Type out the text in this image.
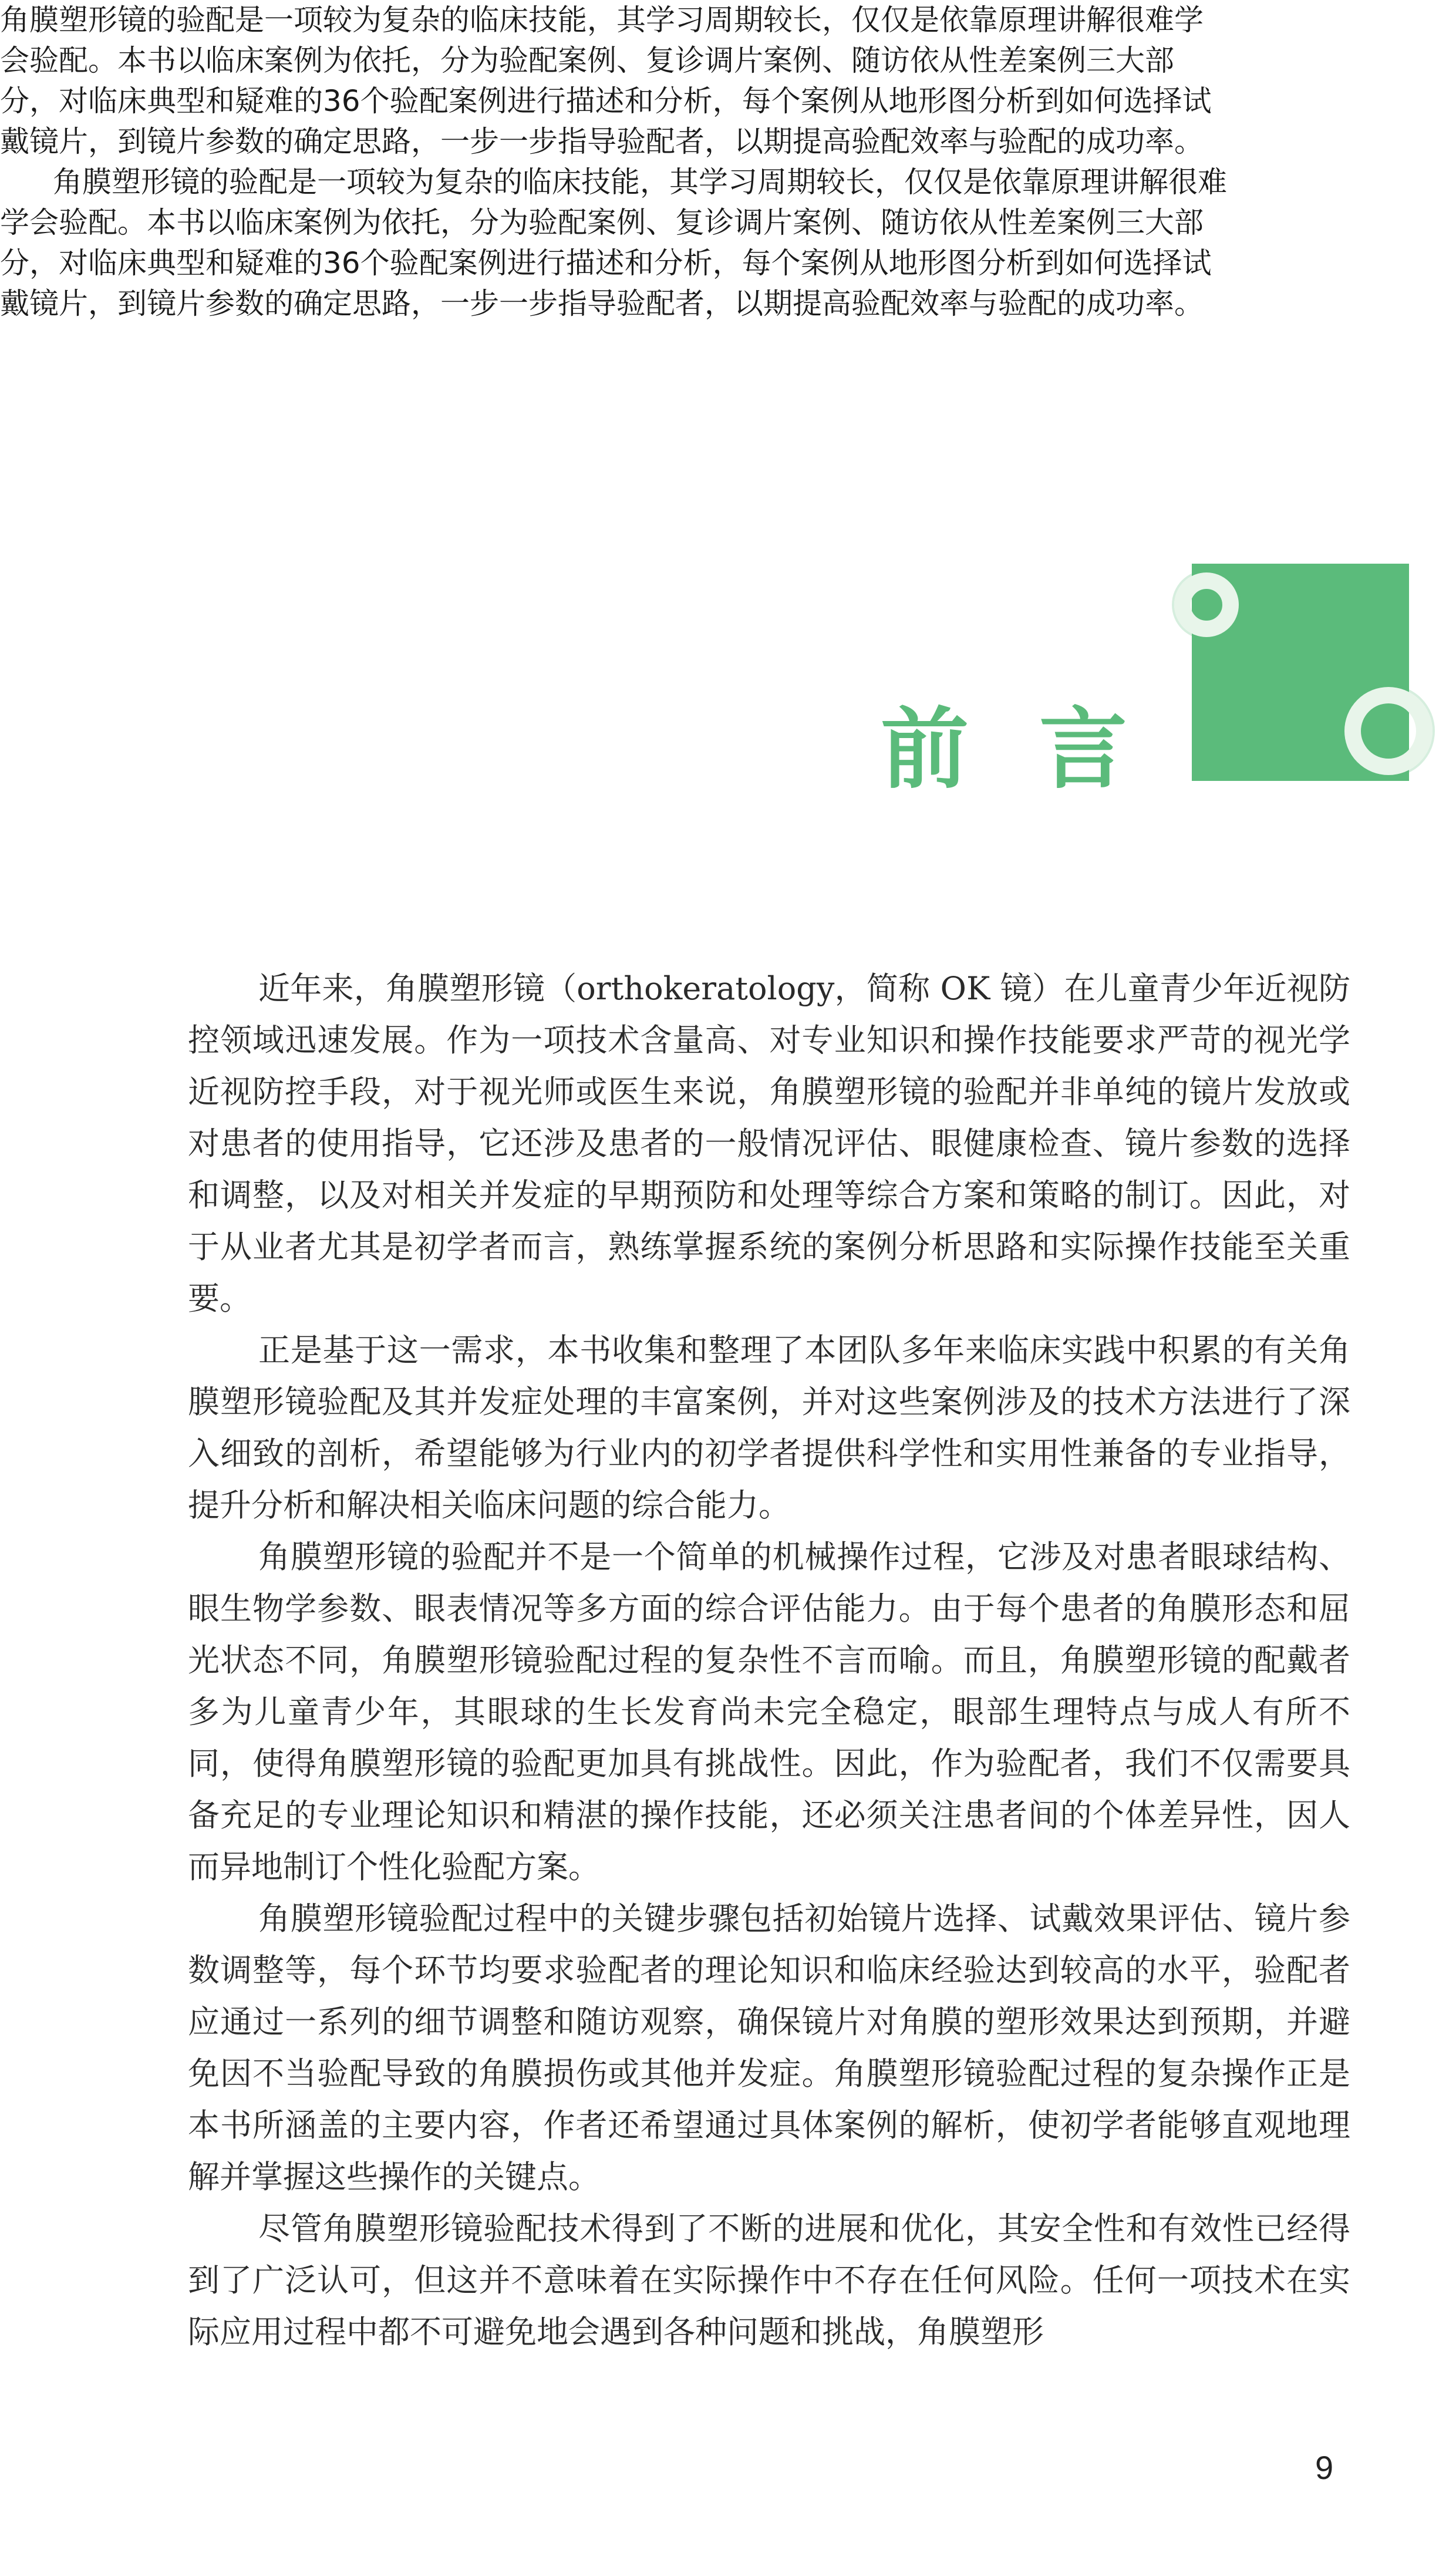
角膜塑形镜的验配是一项较为复杂的临床技能，其学习周期较长，仅仅是依靠原理讲解很难学
会验配。本书以临床案例为依托，分为验配案例、复诊调片案例、随访依从性差案例三大部
分，对临床典型和疑难的36个验配案例进行描述和分析，每个案例从地形图分析到如何选择试
戴镜片，到镜片参数的确定思路，一步一步指导验配者，以期提高验配效率与验配的成功率。

角膜塑形镜的验配是一项较为复杂的临床技能，其学习周期较长，仅仅是依靠原理讲解很难
学会验配。本书以临床案例为依托，分为验配案例、复诊调片案例、随访依从性差案例三大部
分，对临床典型和疑难的36个验配案例进行描述和分析，每个案例从地形图分析到如何选择试
戴镜片，到镜片参数的确定思路，一步一步指导验配者，以期提高验配效率与验配的成功率。

前言

近年来，角膜塑形镜（orthokeratology，简称 OK 镜）在儿童青少年近视防控领域迅速发展。作为一项技术含量高、对专业知识和操作技能要求严苛的视光学近视防控手段，对于视光师或医生来说，角膜塑形镜的验配并非单纯的镜片发放或对患者的使用指导，它还涉及患者的一般情况评估、眼健康检查、镜片参数的选择和调整，以及对相关并发症的早期预防和处理等综合方案和策略的制订。因此，对于从业者尤其是初学者而言，熟练掌握系统的案例分析思路和实际操作技能至关重要。

正是基于这一需求，本书收集和整理了本团队多年来临床实践中积累的有关角膜塑形镜验配及其并发症处理的丰富案例，并对这些案例涉及的技术方法进行了深入细致的剖析，希望能够为行业内的初学者提供科学性和实用性兼备的专业指导，提升分析和解决相关临床问题的综合能力。

角膜塑形镜的验配并不是一个简单的机械操作过程，它涉及对患者眼球结构、眼生物学参数、眼表情况等多方面的综合评估能力。由于每个患者的角膜形态和屈光状态不同，角膜塑形镜验配过程的复杂性不言而喻。而且，角膜塑形镜的配戴者多为儿童青少年，其眼球的生长发育尚未完全稳定，眼部生理特点与成人有所不同，使得角膜塑形镜的验配更加具有挑战性。因此，作为验配者，我们不仅需要具备充足的专业理论知识和精湛的操作技能，还必须关注患者间的个体差异性，因人而异地制订个性化验配方案。

角膜塑形镜验配过程中的关键步骤包括初始镜片选择、试戴效果评估、镜片参数调整等，每个环节均要求验配者的理论知识和临床经验达到较高的水平，验配者应通过一系列的细节调整和随访观察，确保镜片对角膜的塑形效果达到预期，并避免因不当验配导致的角膜损伤或其他并发症。角膜塑形镜验配过程的复杂操作正是本书所涵盖的主要内容，作者还希望通过具体案例的解析，使初学者能够直观地理解并掌握这些操作的关键点。

尽管角膜塑形镜验配技术得到了不断的进展和优化，其安全性和有效性已经得到了广泛认可，但这并不意味着在实际操作中不存在任何风险。任何一项技术在实际应用过程中都不可避免地会遇到各种问题和挑战，角膜塑形

9
